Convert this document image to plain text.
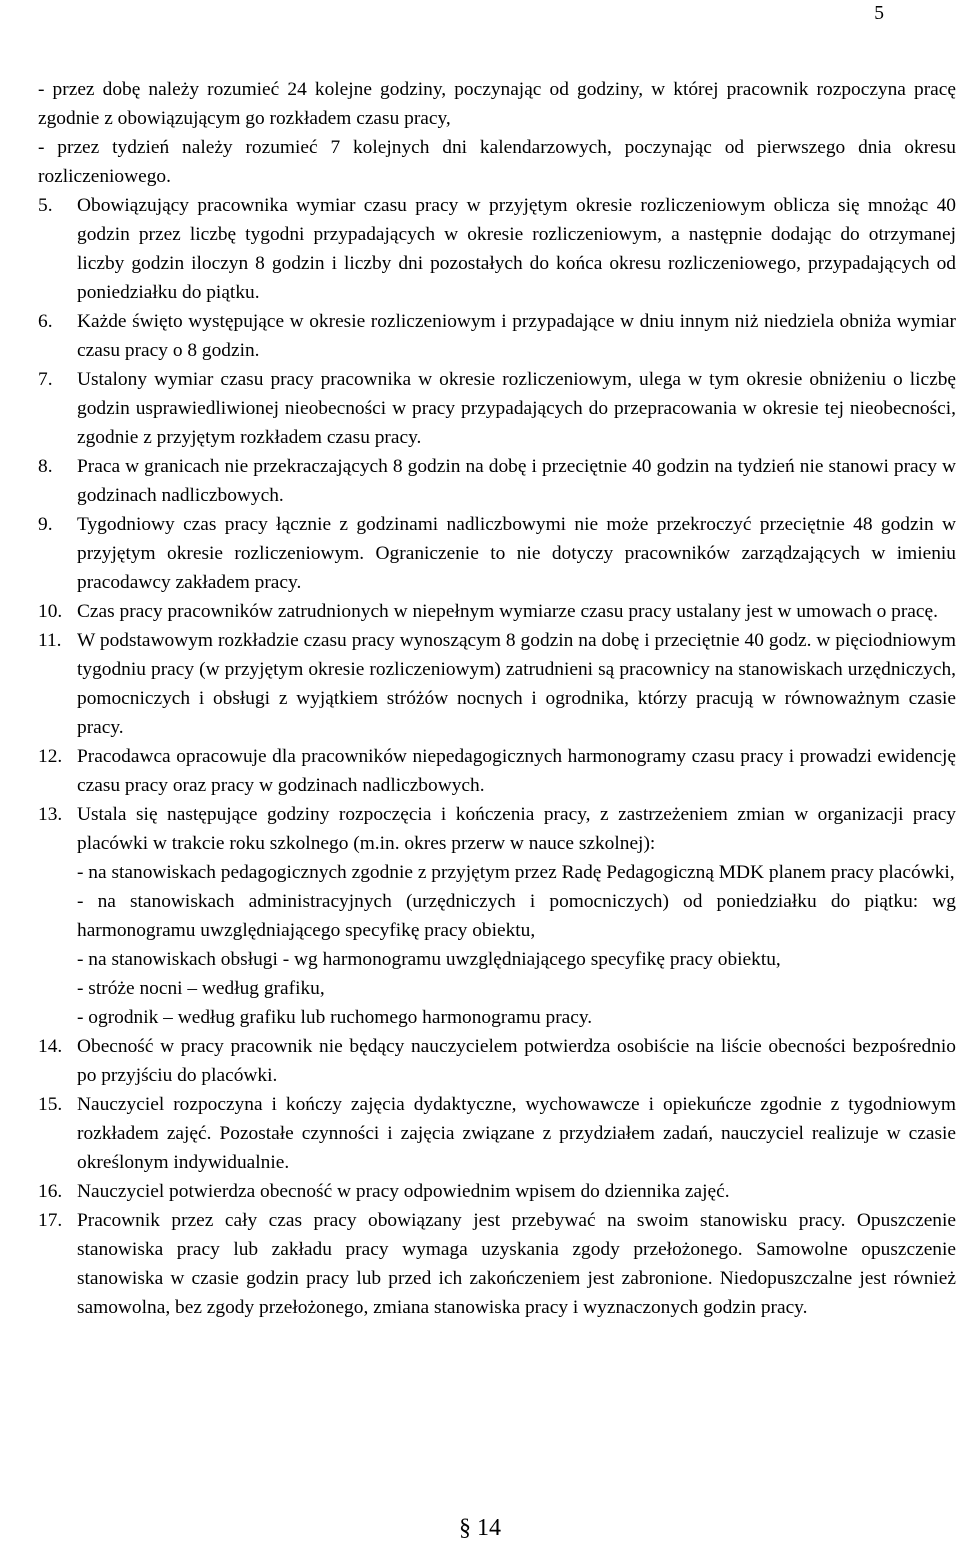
5

- przez dobę należy rozumieć 24 kolejne godziny, poczynając od godziny, w której pracownik rozpoczyna pracę zgodnie z obowiązującym go rozkładem czasu pracy,

- przez tydzień należy rozumieć 7 kolejnych dni kalendarzowych, poczynając od pierwszego dnia okresu rozliczeniowego.

5.	Obowiązujący pracownika wymiar czasu pracy w przyjętym okresie rozliczeniowym oblicza się mnożąc 40 godzin przez liczbę tygodni przypadających w okresie rozliczeniowym, a następnie dodając do otrzymanej liczby godzin iloczyn 8 godzin i liczby dni pozostałych do końca okresu rozliczeniowego, przypadających od poniedziałku do piątku.
6.	Każde święto występujące w okresie rozliczeniowym i przypadające w dniu innym niż niedziela obniża wymiar czasu pracy o 8 godzin.
7.	Ustalony wymiar czasu pracy pracownika w okresie rozliczeniowym, ulega w tym okresie obniżeniu o liczbę godzin usprawiedliwionej nieobecności w pracy przypadających do przepracowania w okresie tej nieobecności, zgodnie z przyjętym rozkładem czasu pracy.
8.	Praca w granicach nie przekraczających 8 godzin na dobę i przeciętnie 40 godzin na tydzień nie stanowi pracy w godzinach nadliczbowych.
9.	Tygodniowy czas pracy łącznie z godzinami nadliczbowymi nie może przekroczyć przeciętnie 48 godzin w przyjętym okresie rozliczeniowym. Ograniczenie to nie dotyczy pracowników zarządzających w imieniu pracodawcy zakładem pracy.
10. Czas pracy pracowników zatrudnionych w niepełnym wymiarze czasu pracy ustalany jest w umowach o pracę.
11. W podstawowym rozkładzie czasu pracy wynoszącym 8 godzin na dobę i przeciętnie 40 godz. w pięciodniowym tygodniu pracy (w przyjętym okresie rozliczeniowym) zatrudnieni są pracownicy na stanowiskach urzędniczych, pomocniczych i obsługi z wyjątkiem stróżów nocnych i ogrodnika, którzy pracują w równoważnym czasie pracy.
12. Pracodawca opracowuje dla pracowników niepedagogicznych harmonogramy czasu pracy i prowadzi ewidencję czasu pracy oraz pracy w godzinach nadliczbowych.
13. Ustala się następujące godziny rozpoczęcia i kończenia pracy, z zastrzeżeniem zmian w organizacji pracy placówki w trakcie roku szkolnego (m.in. okres przerw w nauce szkolnej):

- na stanowiskach pedagogicznych zgodnie z przyjętym przez Radę Pedagogiczną MDK planem pracy placówki,

- na stanowiskach administracyjnych (urzędniczych i pomocniczych) od poniedziałku do piątku: wg harmonogramu uwzględniającego specyfikę pracy obiektu,

- na stanowiskach obsługi - wg harmonogramu uwzględniającego specyfikę pracy obiektu,

- stróże nocni – według grafiku,

- ogrodnik – według grafiku lub ruchomego harmonogramu pracy.

14. Obecność w pracy pracownik nie będący nauczycielem potwierdza osobiście na liście obecności bezpośrednio po przyjściu do placówki.
15. Nauczyciel rozpoczyna i kończy zajęcia dydaktyczne, wychowawcze i opiekuńcze zgodnie z tygodniowym rozkładem zajęć. Pozostałe czynności i zajęcia związane z przydziałem zadań, nauczyciel realizuje w czasie określonym indywidualnie.
16. Nauczyciel potwierdza obecność w pracy odpowiednim wpisem do dziennika zajęć.
17. Pracownik przez cały czas pracy obowiązany jest przebywać na swoim stanowisku pracy. Opuszczenie stanowiska pracy lub zakładu pracy wymaga uzyskania zgody przełożonego. Samowolne opuszczenie stanowiska w czasie godzin pracy lub przed ich zakończeniem jest zabronione. Niedopuszczalne jest również samowolna, bez zgody przełożonego, zmiana stanowiska pracy i wyznaczonych godzin pracy.
§ 14
